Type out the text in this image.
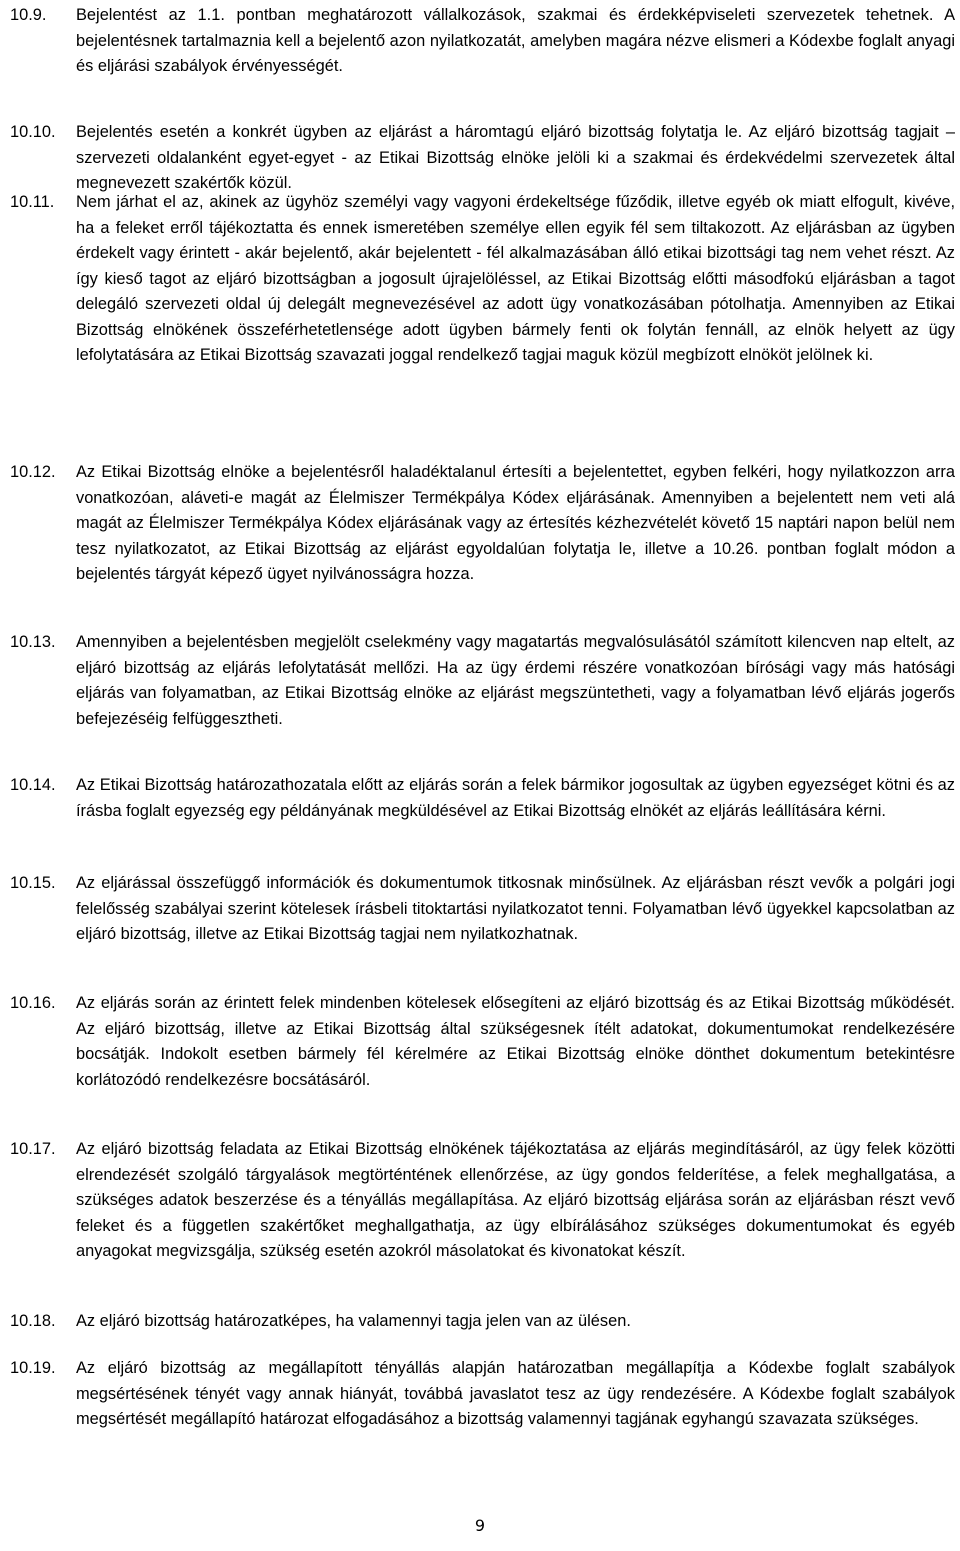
10.9.	Bejelentést az 1.1. pontban meghatározott vállalkozások, szakmai és érdekképviseleti szervezetek tehetnek. A bejelentésnek tartalmaznia kell a bejelentő azon nyilatkozatát, amelyben magára nézve elismeri a Kódexbe foglalt anyagi és eljárási szabályok érvényességét.
10.10.	Bejelentés esetén a konkrét ügyben az eljárást a háromtagú eljáró bizottság folytatja le. Az eljáró bizottság tagjait – szervezeti oldalanként egyet-egyet - az Etikai Bizottság elnöke jelöli ki a szakmai és érdekvédelmi szervezetek által megnevezett szakértők közül.
10.11.	Nem járhat el az, akinek az ügyhöz személyi vagy vagyoni érdekeltsége fűződik, illetve egyéb ok miatt elfogult, kivéve, ha a feleket erről tájékoztatta és ennek ismeretében személye ellen egyik fél sem tiltakozott. Az eljárásban az ügyben érdekelt vagy érintett - akár bejelentő, akár bejelentett - fél alkalmazásában álló etikai bizottsági tag nem vehet részt. Az így kieső tagot az eljáró bizottságban a jogosult újrajelöléssel, az Etikai Bizottság előtti másodfokú eljárásban a tagot delegáló szervezeti oldal új delegált megnevezésével az adott ügy vonatkozásában pótolhatja. Amennyiben az Etikai Bizottság elnökének összeférhetetlensége adott ügyben bármely fenti ok folytán fennáll, az elnök helyett az ügy lefolytatására az Etikai Bizottság szavazati joggal rendelkező tagjai maguk közül megbízott elnököt jelölnek ki.
10.12.	Az Etikai Bizottság elnöke a bejelentésről haladéktalanul értesíti a bejelentettet, egyben felkéri, hogy nyilatkozzon arra vonatkozóan, aláveti-e magát az Élelmiszer Termékpálya Kódex eljárásának. Amennyiben a bejelentett nem veti alá magát az Élelmiszer Termékpálya Kódex eljárásának vagy az értesítés kézhezvételét követő 15 naptári napon belül nem tesz nyilatkozatot, az Etikai Bizottság az eljárást egyoldalúan folytatja le, illetve a 10.26. pontban foglalt módon a bejelentés tárgyát képező ügyet nyilvánosságra hozza.
10.13.	Amennyiben a bejelentésben megjelölt cselekmény vagy magatartás megvalósulásától számított kilencven nap eltelt, az eljáró bizottság az eljárás lefolytatását mellőzi. Ha az ügy érdemi részére vonatkozóan bírósági vagy más hatósági eljárás van folyamatban, az Etikai Bizottság elnöke az eljárást megszüntetheti, vagy a folyamatban lévő eljárás jogerős befejezéséig felfüggesztheti.
10.14.	Az Etikai Bizottság határozathozatala előtt az eljárás során a felek bármikor jogosultak az ügyben egyezséget kötni és az írásba foglalt egyezség egy példányának megküldésével az Etikai Bizottság elnökét az eljárás leállítására kérni.
10.15.	Az eljárással összefüggő információk és dokumentumok titkosnak minősülnek. Az eljárásban részt vevők a polgári jogi felelősség szabályai szerint kötelesek írásbeli titoktartási nyilatkozatot tenni. Folyamatban lévő ügyekkel kapcsolatban az eljáró bizottság, illetve az Etikai Bizottság tagjai nem nyilatkozhatnak.
10.16.	Az eljárás során az érintett felek mindenben kötelesek elősegíteni az eljáró bizottság és az Etikai Bizottság működését. Az eljáró bizottság, illetve az Etikai Bizottság által szükségesnek ítélt adatokat, dokumentumokat rendelkezésére bocsátják. Indokolt esetben bármely fél kérelmére az Etikai Bizottság elnöke dönthet dokumentum betekintésre korlátozódó rendelkezésre bocsátásáról.
10.17.	Az eljáró bizottság feladata az Etikai Bizottság elnökének tájékoztatása az eljárás megindításáról, az ügy felek közötti elrendezését szolgáló tárgyalások megtörténtének ellenőrzése, az ügy gondos felderítése, a felek meghallgatása, a szükséges adatok beszerzése és a tényállás megállapítása. Az eljáró bizottság eljárása során az eljárásban részt vevő feleket és a független szakértőket meghallgathatja, az ügy elbírálásához szükséges dokumentumokat és egyéb anyagokat megvizsgálja, szükség esetén azokról másolatokat és kivonatokat készít.
10.18.	Az eljáró bizottság határozatképes, ha valamennyi tagja jelen van az ülésen.
10.19.	Az eljáró bizottság az megállapított tényállás alapján határozatban megállapítja a Kódexbe foglalt szabályok megsértésének tényét vagy annak hiányát, továbbá javaslatot tesz az ügy rendezésére. A Kódexbe foglalt szabályok megsértését megállapító határozat elfogadásához a bizottság valamennyi tagjának egyhangú szavazata szükséges.
9
